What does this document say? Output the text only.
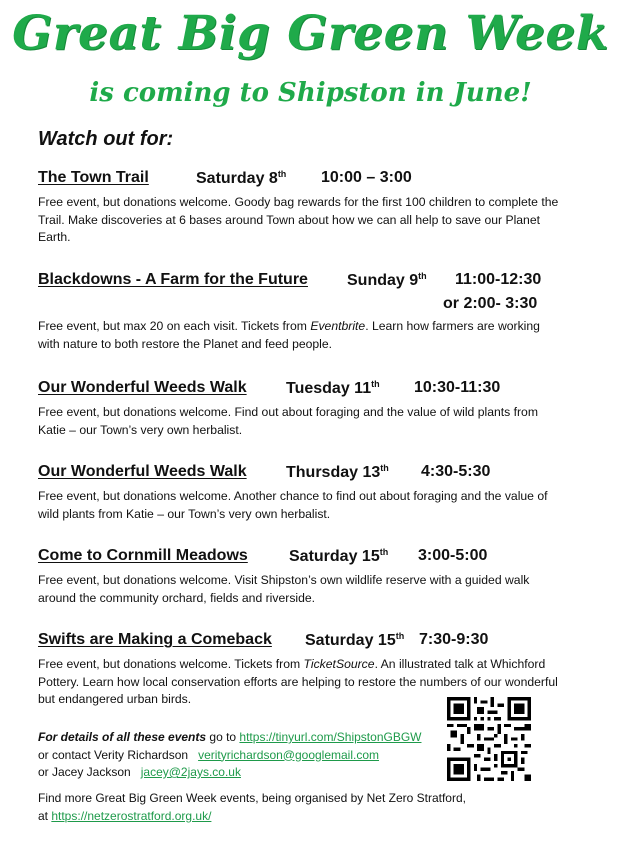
Great Big Green Week
is coming to Shipston in June!
Watch out for:
The Town Trail	Saturday 8th 10:00 – 3:00
Free event, but donations welcome. Goody bag rewards for the first 100 children to complete the Trail. Make discoveries at 6 bases around Town about how we can all help to save our Planet Earth.
Blackdowns - A Farm for the Future Sunday 9th 11:00-12:30
or 2:00- 3:30
Free event, but max 20 on each visit. Tickets from Eventbrite. Learn how farmers are working with nature to both restore the Planet and feed people.
Our Wonderful Weeds Walk Tuesday 11th 10:30-11:30
Free event, but donations welcome. Find out about foraging and the value of wild plants from Katie – our Town’s very own herbalist.
Our Wonderful Weeds Walk Thursday 13th 4:30-5:30
Free event, but donations welcome. Another chance to find out about foraging and the value of wild plants from Katie – our Town’s very own herbalist.
Come to Cornmill Meadows	Saturday 15th 3:00-5:00
Free event, but donations welcome. Visit Shipston’s own wildlife reserve with a guided walk around the community orchard, fields and riverside.
Swifts are Making a Comeback Saturday 15th 7:30-9:30
Free event, but donations welcome. Tickets from TicketSource. An illustrated talk at Whichford Pottery. Learn how local conservation efforts are helping to restore the numbers of our wonderful but endangered urban birds.
For details of all these events go to https://tinyurl.com/ShipstonGBGW
or contact Verity Richardson verityrichardson@googlemail.com
or Jacey Jackson jacey@2jays.co.uk
Find more Great Big Green Week events, being organised by Net Zero Stratford,
at https://netzerostratford.org.uk/
